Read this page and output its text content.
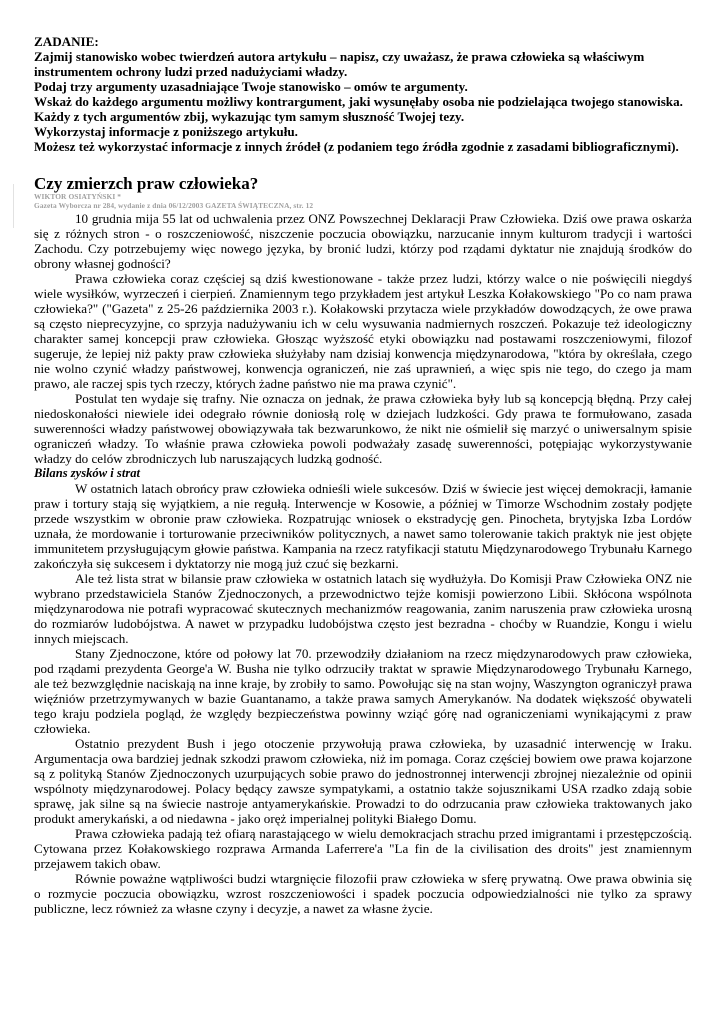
ZADANIE:

Zajmij stanowisko wobec twierdzeń autora artykułu – napisz, czy uważasz, że prawa człowieka są właściwym instrumentem ochrony ludzi przed nadużyciami władzy.

Podaj trzy argumenty uzasadniające Twoje stanowisko – omów te argumenty.

Wskaż do każdego argumentu możliwy kontrargument, jaki wysunęłaby osoba nie podzielająca twojego stanowiska.

Każdy z tych argumentów zbij, wykazując tym samym słuszność Twojej tezy.

Wykorzystaj informacje z poniższego artykułu.

Możesz też wykorzystać informacje z innych źródeł (z podaniem tego źródła zgodnie z zasadami bibliograficznymi).

Czy zmierzch praw człowieka?

WIKTOR OSIATYŃSKI *

Gazeta Wyborcza nr 284, wydanie z dnia 06/12/2003 GAZETA ŚWIĄTECZNA, str. 12

10 grudnia mija 55 lat od uchwalenia przez ONZ Powszechnej Deklaracji Praw Człowieka. Dziś owe prawa oskarża się z różnych stron - o roszczeniowość, niszczenie poczucia obowiązku, narzucanie innym kulturom tradycji i wartości Zachodu. Czy potrzebujemy więc nowego języka, by bronić ludzi, którzy pod rządami dyktatur nie znajdują środków do obrony własnej godności?

Prawa człowieka coraz częściej są dziś kwestionowane - także przez ludzi, którzy walce o nie poświęcili niegdyś wiele wysiłków, wyrzeczeń i cierpień. Znamiennym tego przykładem jest artykuł Leszka Kołakowskiego "Po co nam prawa człowieka?" ("Gazeta" z 25-26 października 2003 r.). Kołakowski przytacza wiele przykładów dowodzących, że owe prawa są często nieprecyzyjne, co sprzyja nadużywaniu ich w celu wysuwania nadmiernych roszczeń. Pokazuje też ideologiczny charakter samej koncepcji praw człowieka. Głosząc wyższość etyki obowiązku nad postawami roszczeniowymi, filozof sugeruje, że lepiej niż pakty praw człowieka służyłaby nam dzisiaj konwencja międzynarodowa, "która by określała, czego nie wolno czynić władzy państwowej, konwencja ograniczeń, nie zaś uprawnień, a więc spis nie tego, do czego ja mam prawo, ale raczej spis tych rzeczy, których żadne państwo nie ma prawa czynić".

Postulat ten wydaje się trafny. Nie oznacza on jednak, że prawa człowieka były lub są koncepcją błędną. Przy całej niedoskonałości niewiele idei odegrało równie doniosłą rolę w dziejach ludzkości. Gdy prawa te formułowano, zasada suwerenności władzy państwowej obowiązywała tak bezwarunkowo, że nikt nie ośmielił się marzyć o uniwersalnym spisie ograniczeń władzy. To właśnie prawa człowieka powoli podważały zasadę suwerenności, potępiając wykorzystywanie władzy do celów zbrodniczych lub naruszających ludzką godność.

Bilans zysków i strat

W ostatnich latach obrońcy praw człowieka odnieśli wiele sukcesów. Dziś w świecie jest więcej demokracji, łamanie praw i tortury stają się wyjątkiem, a nie regułą. Interwencje w Kosowie, a później w Timorze Wschodnim zostały podjęte przede wszystkim w obronie praw człowieka. Rozpatrując wniosek o ekstradycję gen. Pinocheta, brytyjska Izba Lordów uznała, że mordowanie i torturowanie przeciwników politycznych, a nawet samo tolerowanie takich praktyk nie jest objęte immunitetem przysługującym głowie państwa. Kampania na rzecz ratyfikacji statutu Międzynarodowego Trybunału Karnego zakończyła się sukcesem i dyktatorzy nie mogą już czuć się bezkarni.

Ale też lista strat w bilansie praw człowieka w ostatnich latach się wydłużyła. Do Komisji Praw Człowieka ONZ nie wybrano przedstawiciela Stanów Zjednoczonych, a przewodnictwo tejże komisji powierzono Libii. Skłócona wspólnota międzynarodowa nie potrafi wypracować skutecznych mechanizmów reagowania, zanim naruszenia praw człowieka urosną do rozmiarów ludobójstwa. A nawet w przypadku ludobójstwa często jest bezradna - choćby w Ruandzie, Kongu i wielu innych miejscach.

Stany Zjednoczone, które od połowy lat 70. przewodziły działaniom na rzecz międzynarodowych praw człowieka, pod rządami prezydenta George'a W. Busha nie tylko odrzuciły traktat w sprawie Międzynarodowego Trybunału Karnego, ale też bezwzględnie naciskają na inne kraje, by zrobiły to samo. Powołując się na stan wojny, Waszyngton ograniczył prawa więźniów przetrzymywanych w bazie Guantanamo, a także prawa samych Amerykanów. Na dodatek większość obywateli tego kraju podziela pogląd, że względy bezpieczeństwa powinny wziąć górę nad ograniczeniami wynikającymi z praw człowieka.

Ostatnio prezydent Bush i jego otoczenie przywołują prawa człowieka, by uzasadnić interwencję w Iraku. Argumentacja owa bardziej jednak szkodzi prawom człowieka, niż im pomaga. Coraz częściej bowiem owe prawa kojarzone są z polityką Stanów Zjednoczonych uzurpujących sobie prawo do jednostronnej interwencji zbrojnej niezależnie od opinii wspólnoty międzynarodowej. Polacy będący zawsze sympatykami, a ostatnio także sojusznikami USA rzadko zdają sobie sprawę, jak silne są na świecie nastroje antyamerykańskie. Prowadzi to do odrzucania praw człowieka traktowanych jako produkt amerykański, a od niedawna - jako oręż imperialnej polityki Białego Domu.

Prawa człowieka padają też ofiarą narastającego w wielu demokracjach strachu przed imigrantami i przestępczością. Cytowana przez Kołakowskiego rozprawa Armanda Laferrere'a "La fin de la civilisation des droits" jest znamiennym przejawem takich obaw.

Równie poważne wątpliwości budzi wtargnięcie filozofii praw człowieka w sferę prywatną. Owe prawa obwinia się o rozmycie poczucia obowiązku, wzrost roszczeniowości i spadek poczucia odpowiedzialności nie tylko za sprawy publiczne, lecz również za własne czyny i decyzje, a nawet za własne życie.
